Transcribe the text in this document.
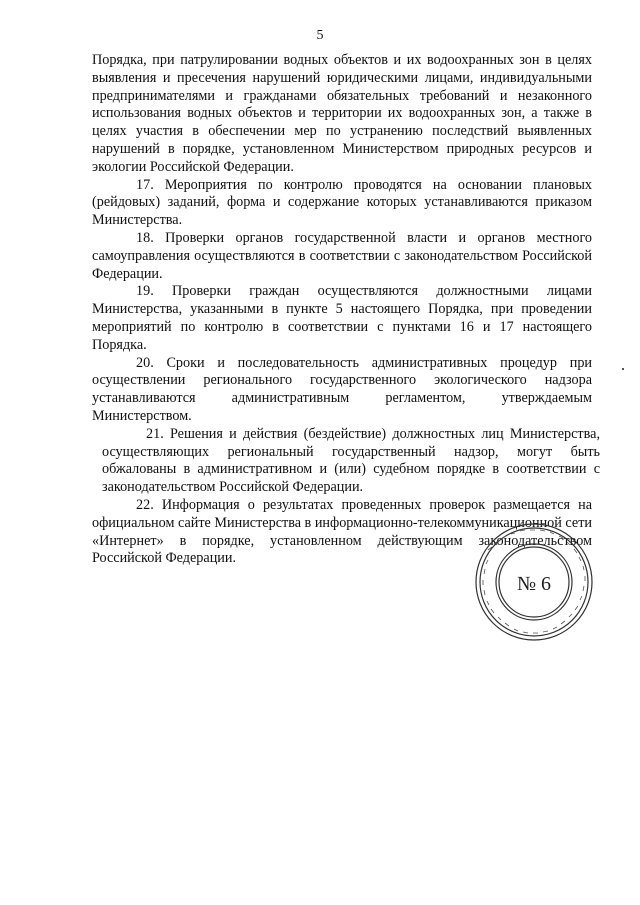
5

Порядка, при патрулировании водных объектов и их водоохранных зон в целях выявления и пресечения нарушений юридическими лицами, индивидуальными предпринимателями и гражданами обязательных требований и незаконного использования водных объектов и территории их водоохранных зон, а также в целях участия в обеспечении мер по устранению последствий выявленных нарушений в порядке, установленном Министерством природных ресурсов и экологии Российской Федерации.

17. Мероприятия по контролю проводятся на основании плановых (рейдовых) заданий, форма и содержание которых устанавливаются приказом Министерства.

18. Проверки органов государственной власти и органов местного самоуправления осуществляются в соответствии с законодательством Российской Федерации.

19. Проверки граждан осуществляются должностными лицами Министерства, указанными в пункте 5 настоящего Порядка, при проведении мероприятий по контролю в соответствии с пунктами 16 и 17 настоящего Порядка.

20. Сроки и последовательность административных процедур при осуществлении регионального государственного экологического надзора устанавливаются административным регламентом, утверждаемым Министерством.

21. Решения и действия (бездействие) должностных лиц Министерства, осуществляющих региональный государственный надзор, могут быть обжалованы в административном и (или) судебном порядке в соответствии с законодательством Российской Федерации.

22. Информация о результатах проведенных проверок размещается на официальном сайте Министерства в информационно-телекоммуникационной сети «Интернет» в порядке, установленном действующим законодательством Российской Федерации.

№ 6
